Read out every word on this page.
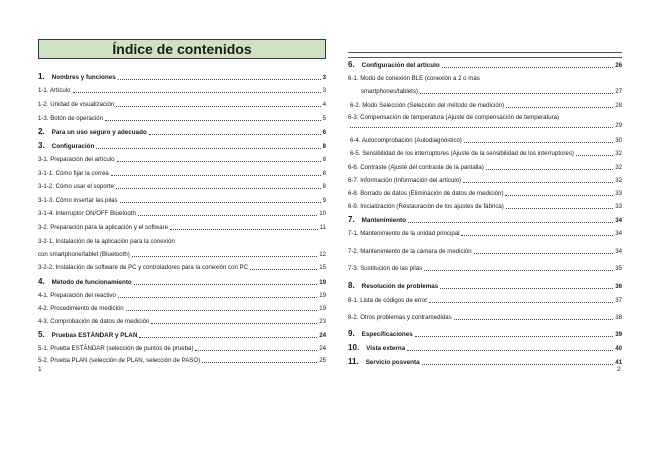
Índice de contenidos
1. Nombres y funciones	3
1-1. Artículo	3
1-2. Unidad de visualización	4
1-3. Botón de operación	5
2. Para un uso seguro y adecuado	6
3. Configuración	8
3-1. Preparación del artículo	8
3-1-1. Cómo fijar la correa	8
3-1-2. Cómo usar el soporte	8
3-1-3. Cómo insertar las pilas	9
3-1-4. Interruptor ON/OFF Bluetooth	10
3-2. Preparación para la aplicación y el software	11
3-2-1. Instalación de la aplicación para la conexión
con smartphone/tablet (Bluetooth)	12
3-2-2. Instalación de software de PC y controladores para la conexión con PC	15
4. Método de funcionamiento	19
4-1. Preparación del reactivo	19
4-2. Procedimiento de medición	19
4-3. Comprobación de datos de medición	23
5. Pruebas ESTÁNDAR y PLAN	24
5-1. Prueba ESTÁNDAR (selección de puntos de prueba)	24
5-2. Prueba PLAN (selección de PLAN, selección de PASO)	25
1
6. Configuración del artículo	26
6-1. Modo de conexión BLE (conexión a 2 o más
smartphones/tablets)	27
6-2. Modo Selección (Selección del método de medición)	28
6-3. Compensación de temperatura (Ajuste de compensación de temperatura)
29
6-4. Autocomprobación (Autodiagnóstico)	30
6-5. Sensibilidad de los interruptores (Ajuste de la sensibilidad de los interruptores)	32
6-6. Contraste (Ajuste del contraste de la pantalla)	32
6-7. Información (Información del artículo)	32
6-8. Borrado de datos (Eliminación de datos de medición)	33
6-9. Inicialización (Restauración de los ajustes de fábrica)	33
7. Mantenimiento	34
7-1. Mantenimiento de la unidad principal	34
7-2. Mantenimiento de la cámara de medición	34
7-3. Sustitución de las pilas	35
8. Resolución de problemas	36
8-1. Lista de códigos de error	37
8-2. Otros problemas y contramedidas	38
9. Especificaciones	39
10. Vista externa	40
11. Servicio posventa	41
2
